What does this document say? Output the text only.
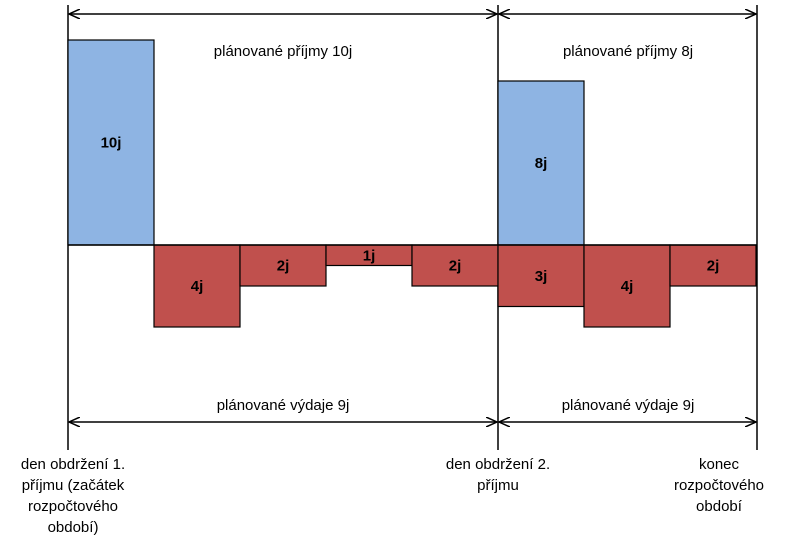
plánované příjmy 10j	plánované příjmy 8j
plánované výdaje 9j	plánované výdaje 9j
10j
8j
4j
2j
1j
2j
3j
4j
2j
den obdržení 1.
příjmu (začátek
rozpočtového
období)
den obdržení 2.
příjmu
konec
rozpočtového
období
